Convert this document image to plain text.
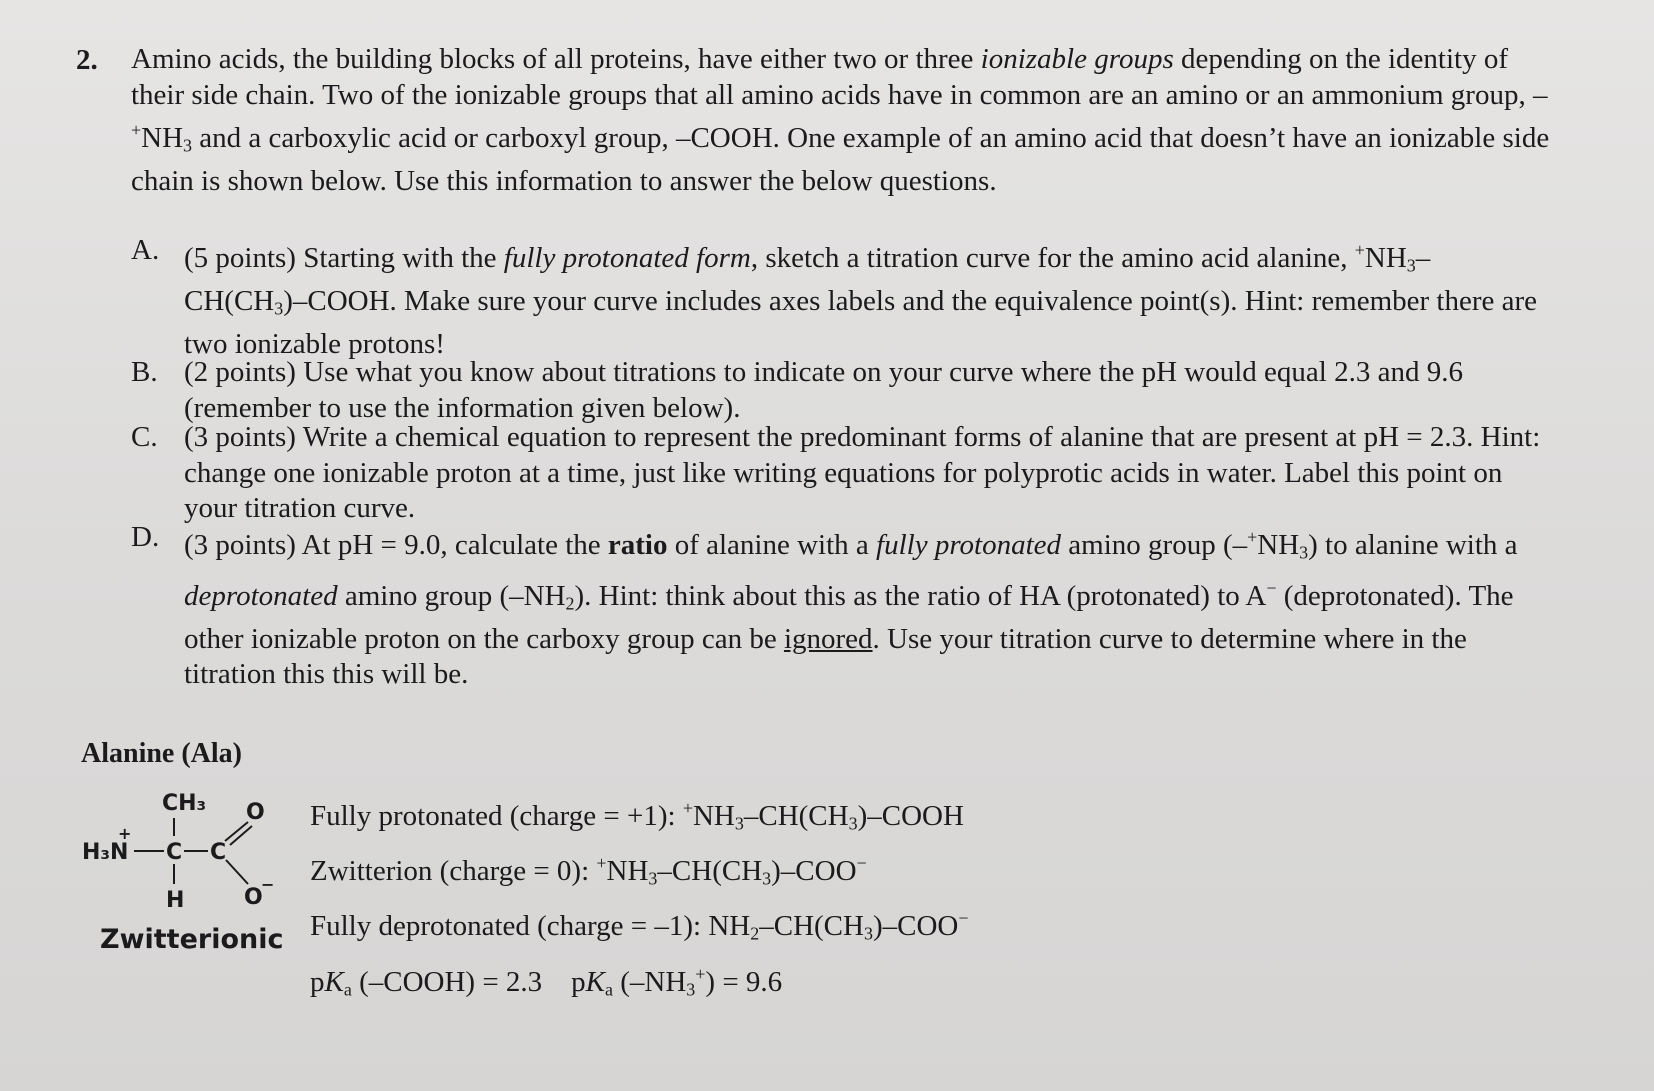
2. Amino acids, the building blocks of all proteins, have either two or three ionizable groups depending on the identity of their side chain. Two of the ionizable groups that all amino acids have in common are an amino or an ammonium group, $-^+NH_3$ and a carboxylic acid or carboxyl group, –COOH. One example of an amino acid that doesn’t have an ionizable side chain is shown below. Use this information to answer the below questions.
A. (5 points) Starting with the fully protonated form, sketch a titration curve for the amino acid alanine, $^+NH_3-CH(CH_3)$–COOH. Make sure your curve includes axes labels and the equivalence point(s). Hint: remember there are two ionizable protons!
B. (2 points) Use what you know about titrations to indicate on your curve where the pH would equal 2.3 and 9.6 (remember to use the information given below).
C. (3 points) Write a chemical equation to represent the predominant forms of alanine that are present at pH = 2.3. Hint: change one ionizable proton at a time, just like writing equations for polyprotic acids in water. Label this point on your titration curve.
D. (3 points) At pH = 9.0, calculate the ratio of alanine with a fully protonated amino group $(-^+NH_3)$ to alanine with a deprotonated amino group $(-NH_2)$. Hint: think about this as the ratio of HA (protonated) to A− (deprotonated). The other ionizable proton on the carboxy group can be ignored. Use your titration curve to determine where in the titration this this will be.
Alanine (Ala)
CH₃ O
+
H₃N C C
H	O
−
Zwitterionic
Fully protonated (charge = +1): $^+NH_3-CH(CH_3)$–COOH
Zwitterion (charge = 0): $^+NH_3-CH(CH_3)-COO^-$
Fully deprotonated (charge = –1): $NH_2-CH(CH_3)-COO^-$
$pK_a$ (–COOH) = 2.3    $pK_a$ $(-NH_3^+) = 9.6$
